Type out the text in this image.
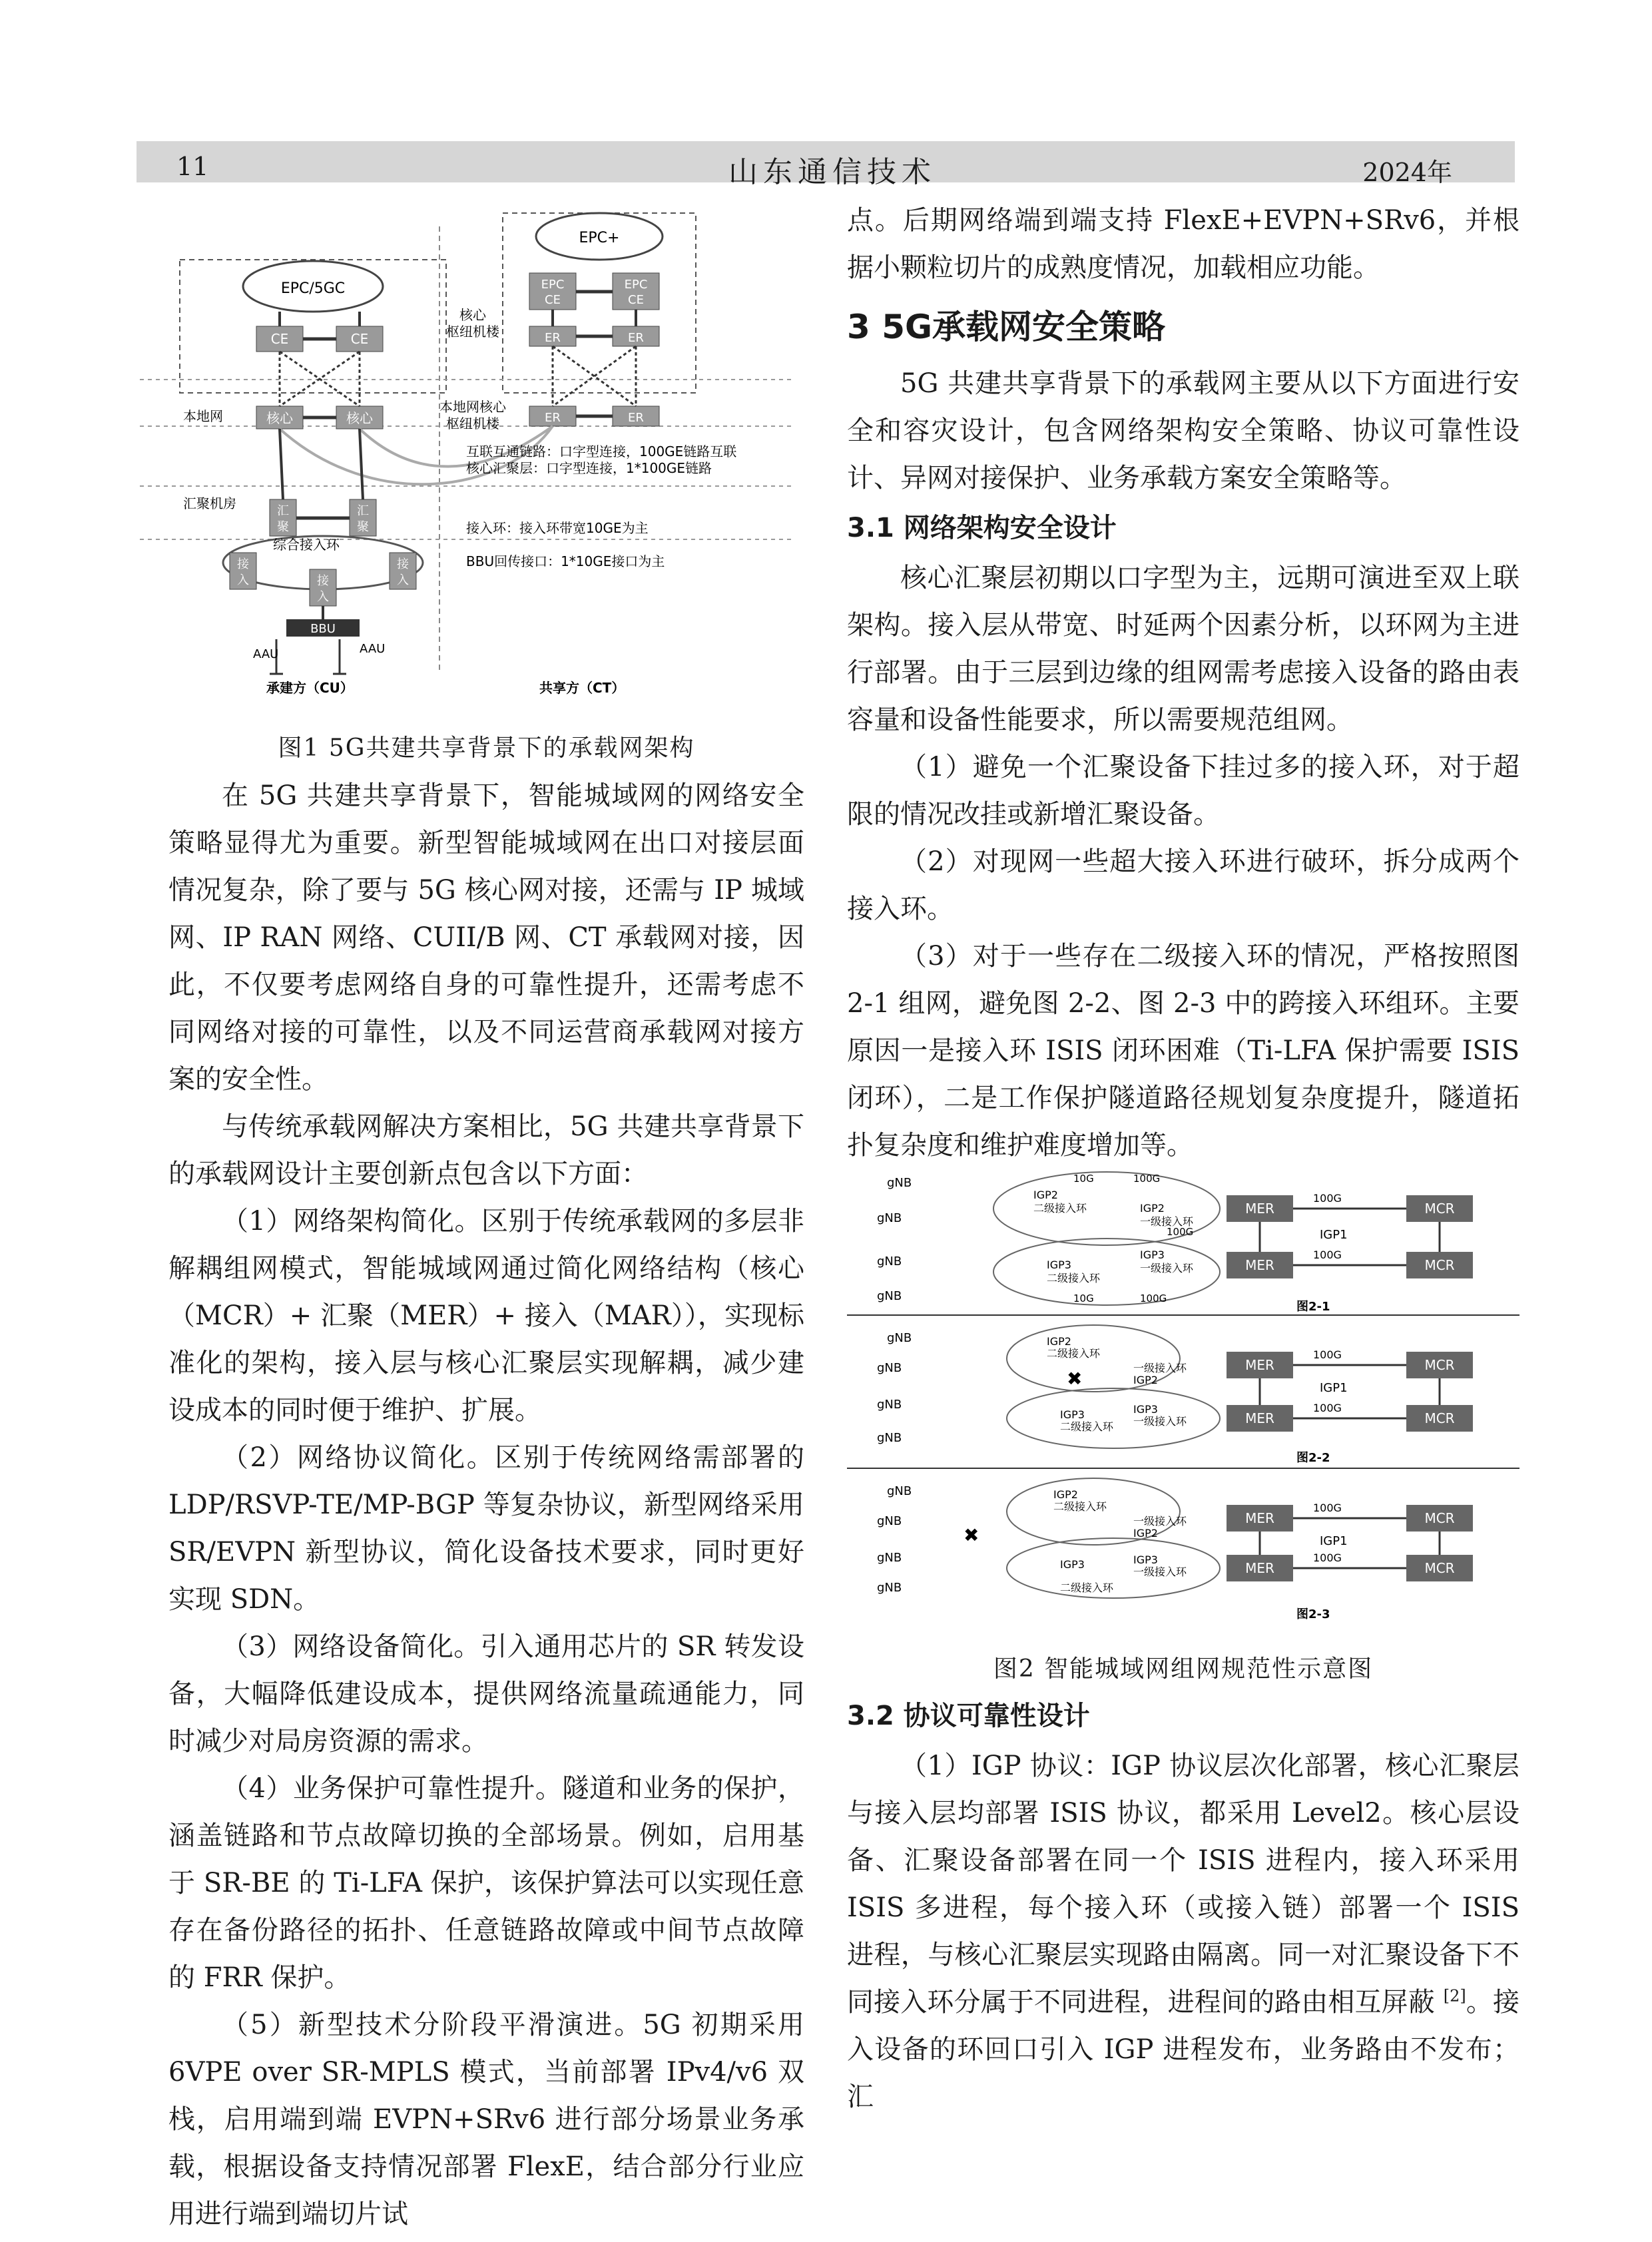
11	山东通信技术	2024年
EPC/5GC
EPC+
CE	CE
EPC
CE
EPC
CE
ER	ER
核心	核心	ER	ER
核心
枢纽机楼
本地网核心
枢纽机楼
本地网
汇聚机房
互联互通链路：口字型连接，100GE链路互联
核心汇聚层：口字型连接，1*100GE链路
接入环：接入环带宽10GE为主
BBU回传接口：1*10GE接口为主
汇
聚
汇
聚
综合接入环
接
入	接
入
接
入
BBU
AAU	AAU
承建方（CU）	共享方（CT）
图1 5G共建共享背景下的承载网架构

在 5G 共建共享背景下，智能城域网的网络安全策略显得尤为重要。新型智能城域网在出口对接层面情况复杂，除了要与 5G 核心网对接，还需与 IP 城域网、IP RAN 网络、CUII/B 网、CT 承载网对接，因此，不仅要考虑网络自身的可靠性提升，还需考虑不同网络对接的可靠性，以及不同运营商承载网对接方案的安全性。

与传统承载网解决方案相比，5G 共建共享背景下的承载网设计主要创新点包含以下方面：

（1）网络架构简化。区别于传统承载网的多层非解耦组网模式，智能城域网通过简化网络结构（核心（MCR）+ 汇聚（MER）+ 接入（MAR）），实现标准化的架构，接入层与核心汇聚层实现解耦，减少建设成本的同时便于维护、扩展。

（2）网络协议简化。区别于传统网络需部署的 LDP/RSVP-TE/MP-BGP 等复杂协议，新型网络采用 SR/EVPN 新型协议，简化设备技术要求，同时更好实现 SDN。

（3）网络设备简化。引入通用芯片的 SR 转发设备，大幅降低建设成本，提供网络流量疏通能力，同时减少对局房资源的需求。

（4）业务保护可靠性提升。隧道和业务的保护，涵盖链路和节点故障切换的全部场景。例如，启用基于 SR-BE 的 Ti-LFA 保护，该保护算法可以实现任意存在备份路径的拓扑、任意链路故障或中间节点故障的 FRR 保护。

（5）新型技术分阶段平滑演进。5G 初期采用 6VPE over SR-MPLS 模式，当前部署 IPv4/v6 双栈，启用端到端 EVPN+SRv6 进行部分场景业务承载，根据设备支持情况部署 FlexE，结合部分行业应用进行端到端切片试

点。后期网络端到端支持 FlexE+EVPN+SRv6，并根据小颗粒切片的成熟度情况，加载相应功能。

3 5G承载网安全策略

5G 共建共享背景下的承载网主要从以下方面进行安全和容灾设计，包含网络架构安全策略、协议可靠性设计、异网对接保护、业务承载方案安全策略等。

3.1 网络架构安全设计

核心汇聚层初期以口字型为主，远期可演进至双上联架构。接入层从带宽、时延两个因素分析，以环网为主进行部署。由于三层到边缘的组网需考虑接入设备的路由表容量和设备性能要求，所以需要规范组网。

（1）避免一个汇聚设备下挂过多的接入环，对于超限的情况改挂或新增汇聚设备。

（2）对现网一些超大接入环进行破环，拆分成两个接入环。

（3）对于一些存在二级接入环的情况，严格按照图 2-1 组网，避免图 2-2、图 2-3 中的跨接入环组环。主要原因一是接入环 ISIS 闭环困难（Ti-LFA 保护需要 ISIS 闭环），二是工作保护隧道路径规划复杂度提升，隧道拓扑复杂度和维护难度增加等。

gNB
gNB
gNB
gNB
IGP2
二级接入环	IGP2
一级接入环
IGP3
一级接入环
IGP3
二级接入环
10G	100G
100G
10G	100G
MER
MER
MCR
MCR
100G
100G
IGP1
图2-1
gNB
gNB
gNB
gNB
IGP2
二级接入环
一级接入环
IGP2
IGP3
一级接入环
IGP3
二级接入环
✖
MER
MER
MCR
MCR
100G
100G
IGP1
图2-2
gNB
gNB
gNB
gNB
IGP2
二级接入环
一级接入环
IGP2
IGP3
一级接入环
IGP3
二级接入环
✖
MER
MER
MCR
MCR
100G
100G
IGP1
图2-3
图2 智能城域网组网规范性示意图

3.2 协议可靠性设计

（1）IGP 协议：IGP 协议层次化部署，核心汇聚层与接入层均部署 ISIS 协议，都采用 Level2。核心层设备、汇聚设备部署在同一个 ISIS 进程内，接入环采用 ISIS 多进程，每个接入环（或接入链）部署一个 ISIS 进程，与核心汇聚层实现路由隔离。同一对汇聚设备下不同接入环分属于不同进程，进程间的路由相互屏蔽 [2]。接入设备的环回口引入 IGP 进程发布，业务路由不发布；汇
